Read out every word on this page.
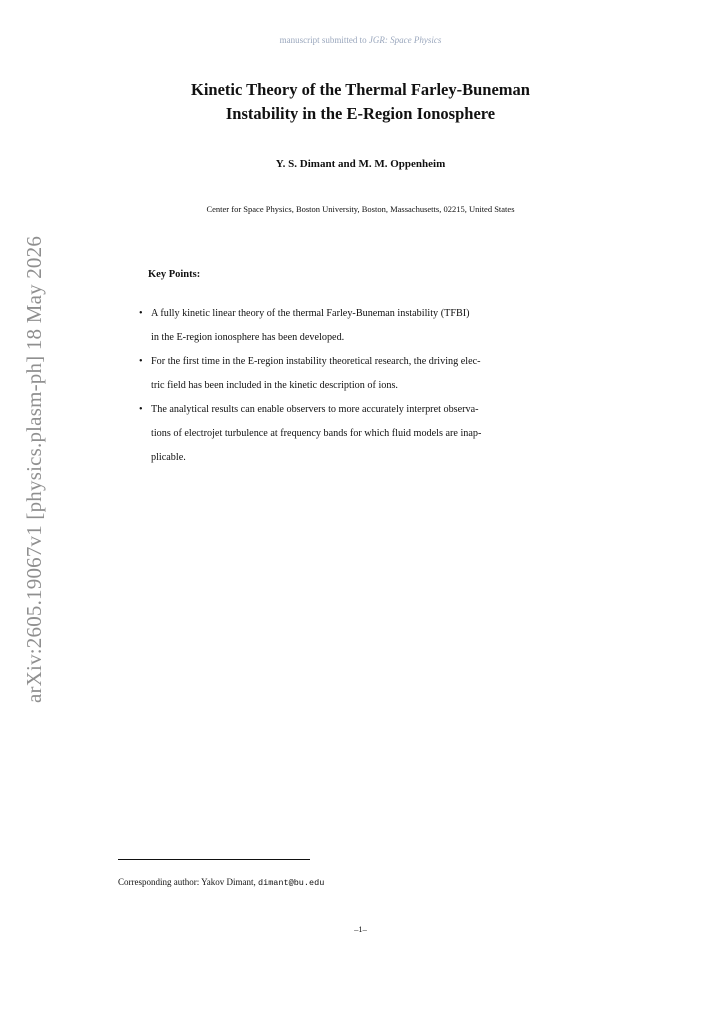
manuscript submitted to JGR: Space Physics
Kinetic Theory of the Thermal Farley-Buneman
Instability in the E-Region Ionosphere
Y. S. Dimant and M. M. Oppenheim
Center for Space Physics, Boston University, Boston, Massachusetts, 02215, United States
arXiv:2605.19067v1 [physics.plasm-ph] 18 May 2026	Key Points:
• A fully kinetic linear theory of the thermal Farley-Buneman instability (TFBI)
in the E-region ionosphere has been developed.
• For the first time in the E-region instability theoretical research, the driving elec-
tric field has been included in the kinetic description of ions.
• The analytical results can enable observers to more accurately interpret observa-
tions of electrojet turbulence at frequency bands for which fluid models are inap-
plicable.
Corresponding author: Yakov Dimant, dimant@bu.edu
–1–
